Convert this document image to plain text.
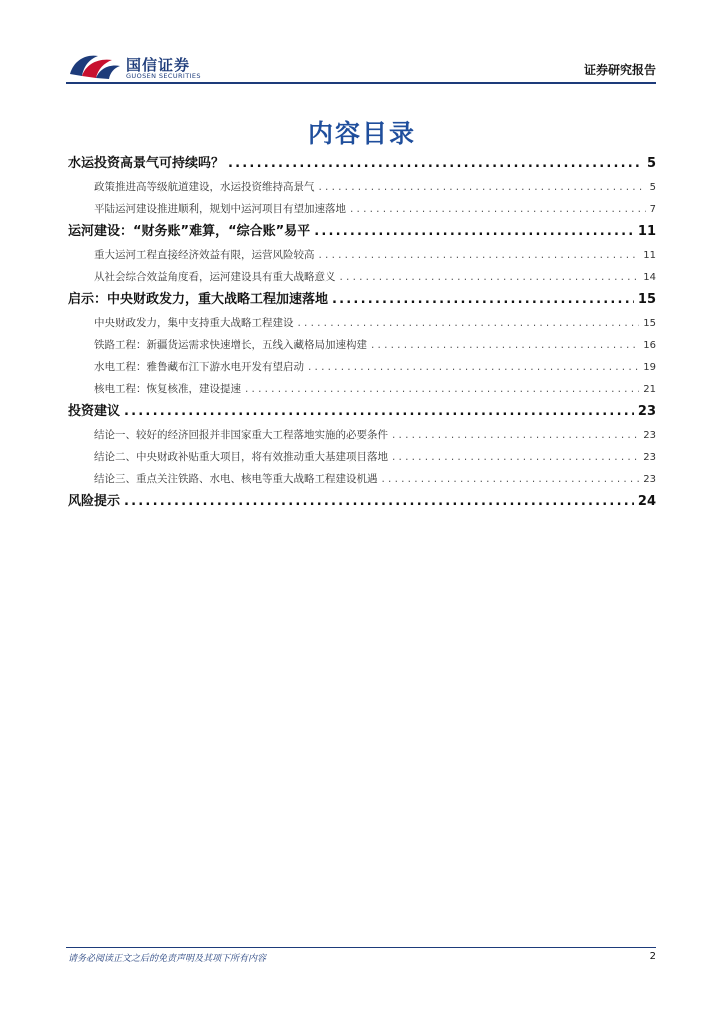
国信证券
GUOSEN SECURITIES	证券研究报告
内容目录
水运投资高景气可持续吗？ .....	5
政策推进高等级航道建设，水运投资维持高景气 .....	5
平陆运河建设推进顺利，规划中运河项目有望加速落地 .....	7
运河建设：“财务账”难算，“综合账”易平 .....	11
重大运河工程直接经济效益有限，运营风险较高 .....	11
从社会综合效益角度看，运河建设具有重大战略意义 .....	14
启示：中央财政发力，重大战略工程加速落地 .....	15
中央财政发力，集中支持重大战略工程建设 .....	15
铁路工程：新疆货运需求快速增长，五线入藏格局加速构建 .....	16
水电工程：雅鲁藏布江下游水电开发有望启动 .....	19
核电工程：恢复核准，建设提速 .....	21
投资建议 .....	23
结论一、较好的经济回报并非国家重大工程落地实施的必要条件 .....	23
结论二、中央财政补贴重大项目，将有效推动重大基建项目落地 .....	23
结论三、重点关注铁路、水电、核电等重大战略工程建设机遇 .....	23
风险提示 .....	24
请务必阅读正文之后的免责声明及其项下所有内容	2
